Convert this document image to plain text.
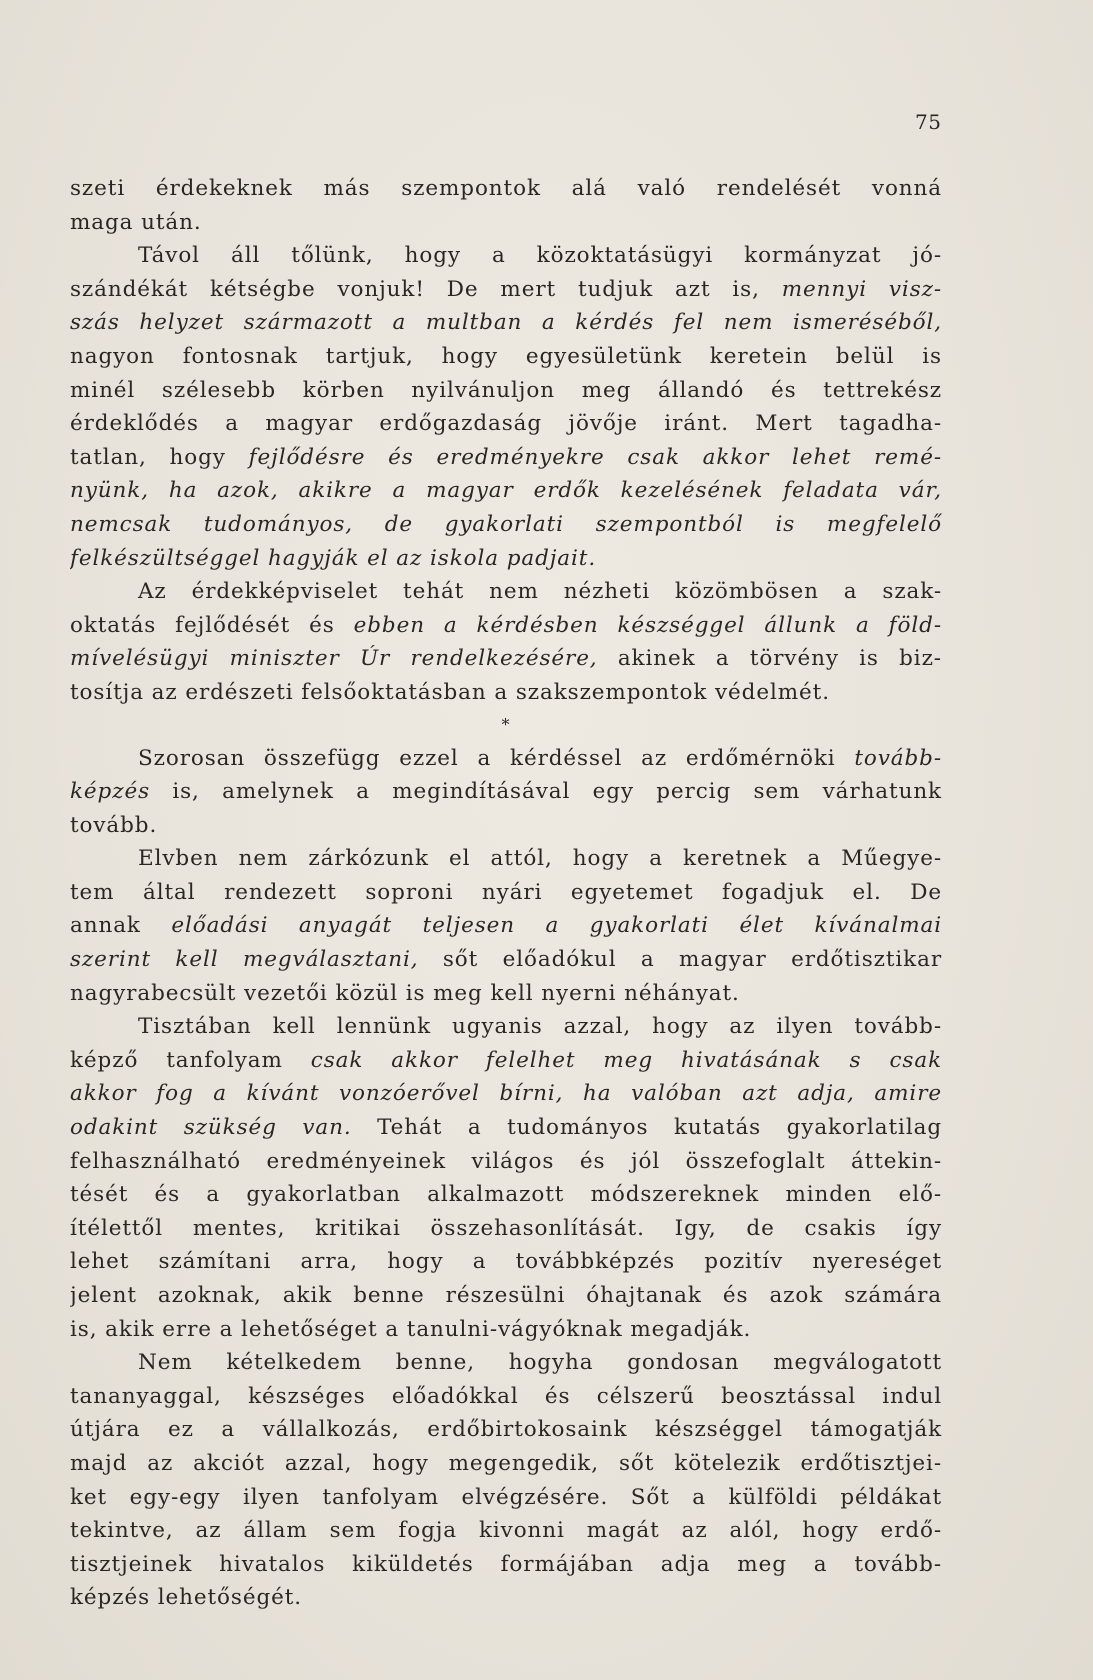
75
szeti érdekeknek más szempontok alá való rendelését vonná
maga után.
Távol áll tőlünk, hogy a közoktatásügyi kormányzat jó-
szándékát kétségbe vonjuk! De mert tudjuk azt is, mennyi visz-
szás helyzet származott a multban a kérdés fel nem ismeréséből,
nagyon fontosnak tartjuk, hogy egyesületünk keretein belül is
minél szélesebb körben nyilvánuljon meg állandó és tettrekész
érdeklődés a magyar erdőgazdaság jövője iránt. Mert tagadha-
tatlan, hogy fejlődésre és eredményekre csak akkor lehet remé-
nyünk, ha azok, akikre a magyar erdők kezelésének feladata vár,
nemcsak tudományos, de gyakorlati szempontból is megfelelő
felkészültséggel hagyják el az iskola padjait.
Az érdekképviselet tehát nem nézheti közömbösen a szak-
oktatás fejlődését és ebben a kérdésben készséggel állunk a föld-
mívelésügyi miniszter Úr rendelkezésére, akinek a törvény is biz-
tosítja az erdészeti felsőoktatásban a szakszempontok védelmét.
*
Szorosan összefügg ezzel a kérdéssel az erdőmérnöki tovább-
képzés is, amelynek a megindításával egy percig sem várhatunk
tovább.
Elvben nem zárkózunk el attól, hogy a keretnek a Műegye-
tem által rendezett soproni nyári egyetemet fogadjuk el. De
annak előadási anyagát teljesen a gyakorlati élet kívánalmai
szerint kell megválasztani, sőt előadókul a magyar erdőtisztikar
nagyrabecsült vezetői közül is meg kell nyerni néhányat.
Tisztában kell lennünk ugyanis azzal, hogy az ilyen tovább-
képző tanfolyam csak akkor felelhet meg hivatásának s csak
akkor fog a kívánt vonzóerővel bírni, ha valóban azt adja, amire
odakint szükség van. Tehát a tudományos kutatás gyakorlatilag
felhasználható eredményeinek világos és jól összefoglalt áttekin-
tését és a gyakorlatban alkalmazott módszereknek minden elő-
ítélettől mentes, kritikai összehasonlítását. Igy, de csakis így
lehet számítani arra, hogy a továbbképzés pozitív nyereséget
jelent azoknak, akik benne részesülni óhajtanak és azok számára
is, akik erre a lehetőséget a tanulni-vágyóknak megadják.
Nem kételkedem benne, hogyha gondosan megválogatott
tananyaggal, készséges előadókkal és célszerű beosztással indul
útjára ez a vállalkozás, erdőbirtokosaink készséggel támogatják
majd az akciót azzal, hogy megengedik, sőt kötelezik erdőtisztjei-
ket egy-egy ilyen tanfolyam elvégzésére. Sőt a külföldi példákat
tekintve, az állam sem fogja kivonni magát az alól, hogy erdő-
tisztjeinek hivatalos kiküldetés formájában adja meg a tovább-
képzés lehetőségét.
